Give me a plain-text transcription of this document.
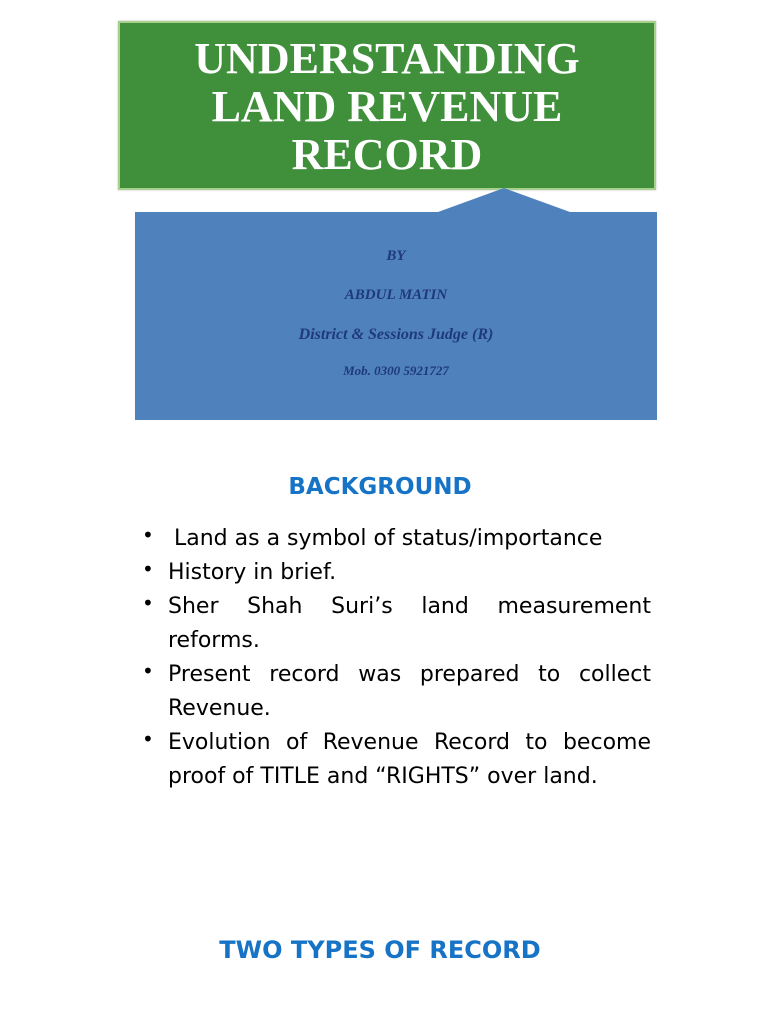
UNDERSTANDING
LAND REVENUE
RECORD
BY
ABDUL MATIN
District & Sessions Judge (R)
Mob. 0300 5921727
BACKGROUND
• Land as a symbol of status/importance
• History in brief.
• Sher Shah Suri’s land measurement reforms.
• Present record was prepared to collect Revenue.
• Evolution of Revenue Record to become proof of TITLE and “RIGHTS” over land.
TWO TYPES OF RECORD
